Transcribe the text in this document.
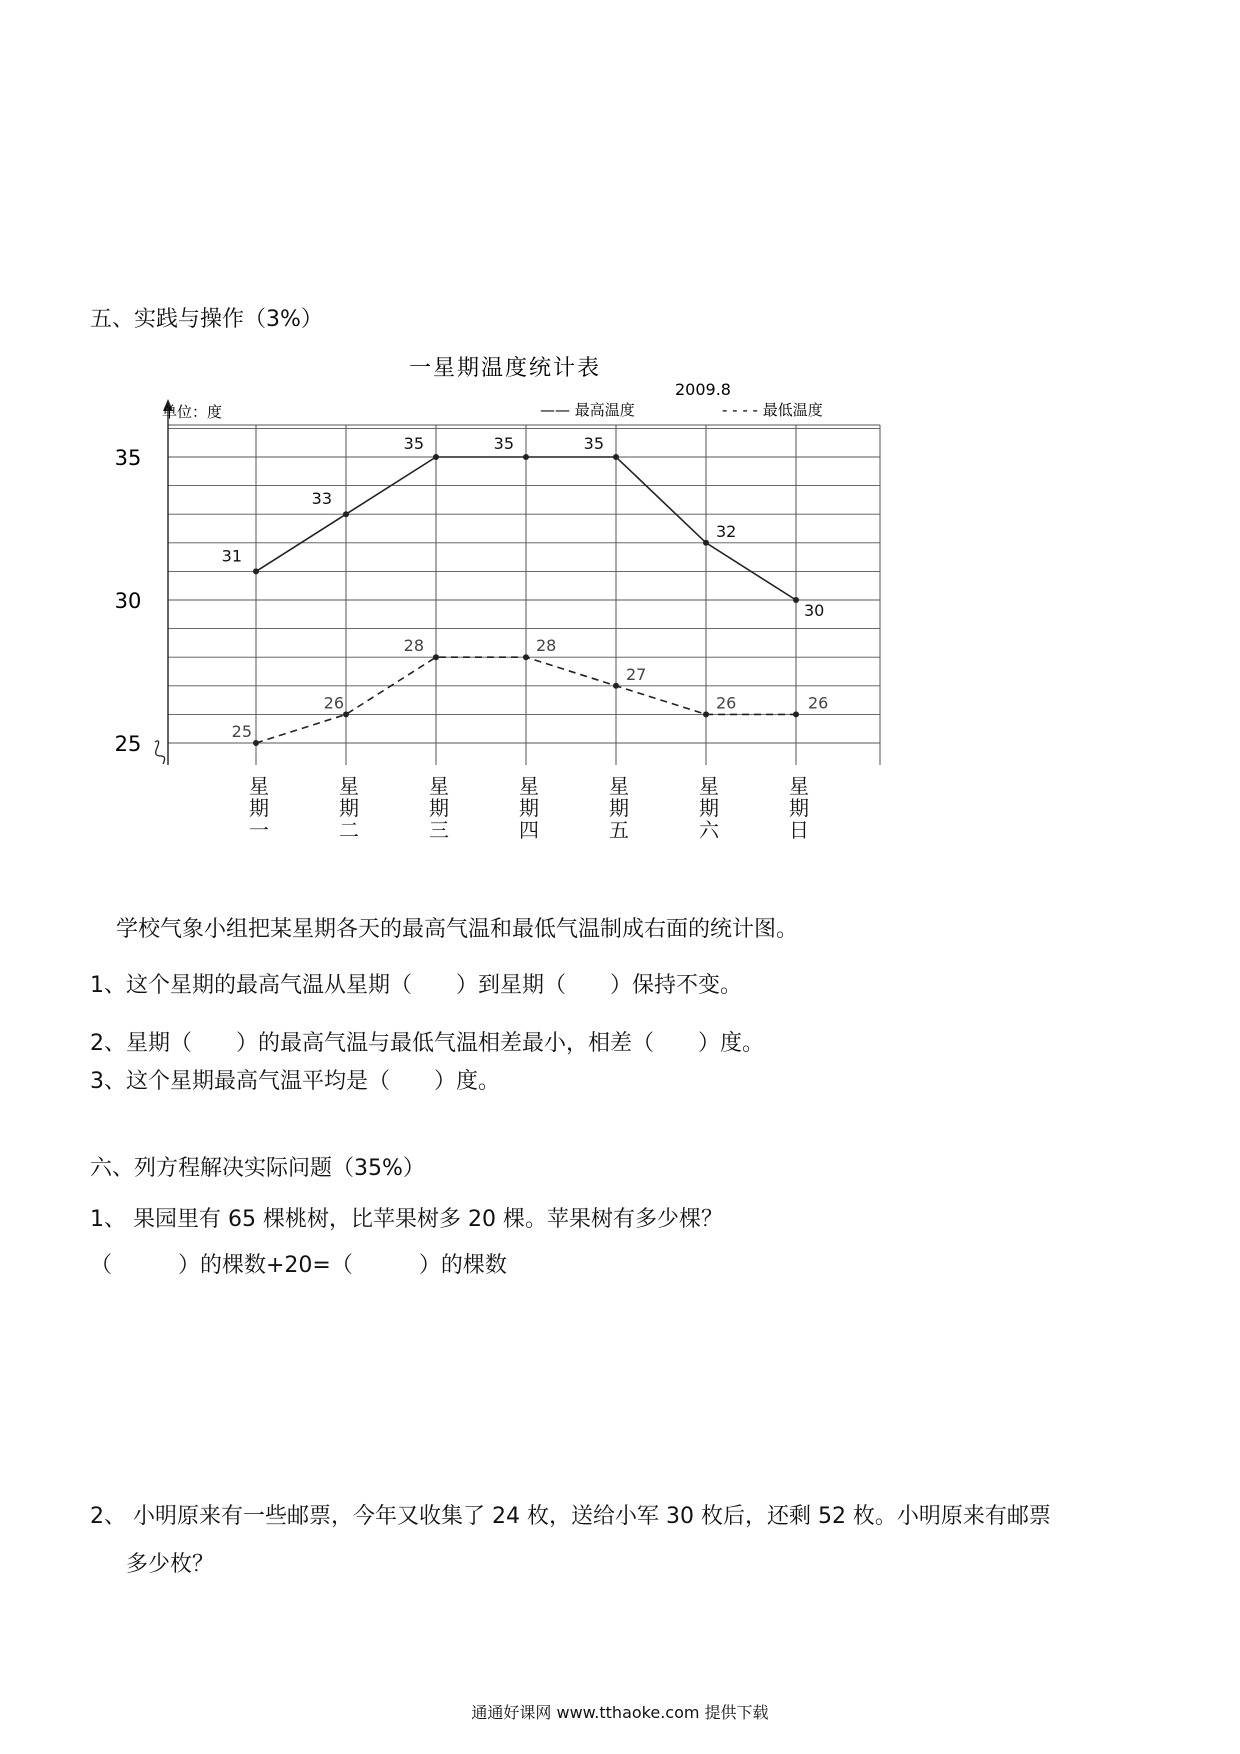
五、实践与操作（3%）
25
30
35
31
33
35	35	35
32
30
25
26
28	28
27
26	26
一星期温度统计表
2009.8
单位：度	—— 最高温度	- - - - 最低温度
星
期
一
星
期
二
星
期
三
星
期
四
星
期
五
星
期
六
星
期
日
学校气象小组把某星期各天的最高气温和最低气温制成右面的统计图。
1、这个星期的最高气温从星期（　　）到星期（　　）保持不变。
2、星期（　　）的最高气温与最低气温相差最小，相差（　　）度。
3、这个星期最高气温平均是（　　）度。
六、列方程解决实际问题（35%）
1、 果园里有 65 棵桃树，比苹果树多 20 棵。苹果树有多少棵？
（　　　）的棵数+20=（　　　）的棵数
2、 小明原来有一些邮票，今年又收集了 24 枚，送给小军 30 枚后，还剩 52 枚。小明原来有邮票
多少枚？
通通好课网 www.tthaoke.com 提供下载
